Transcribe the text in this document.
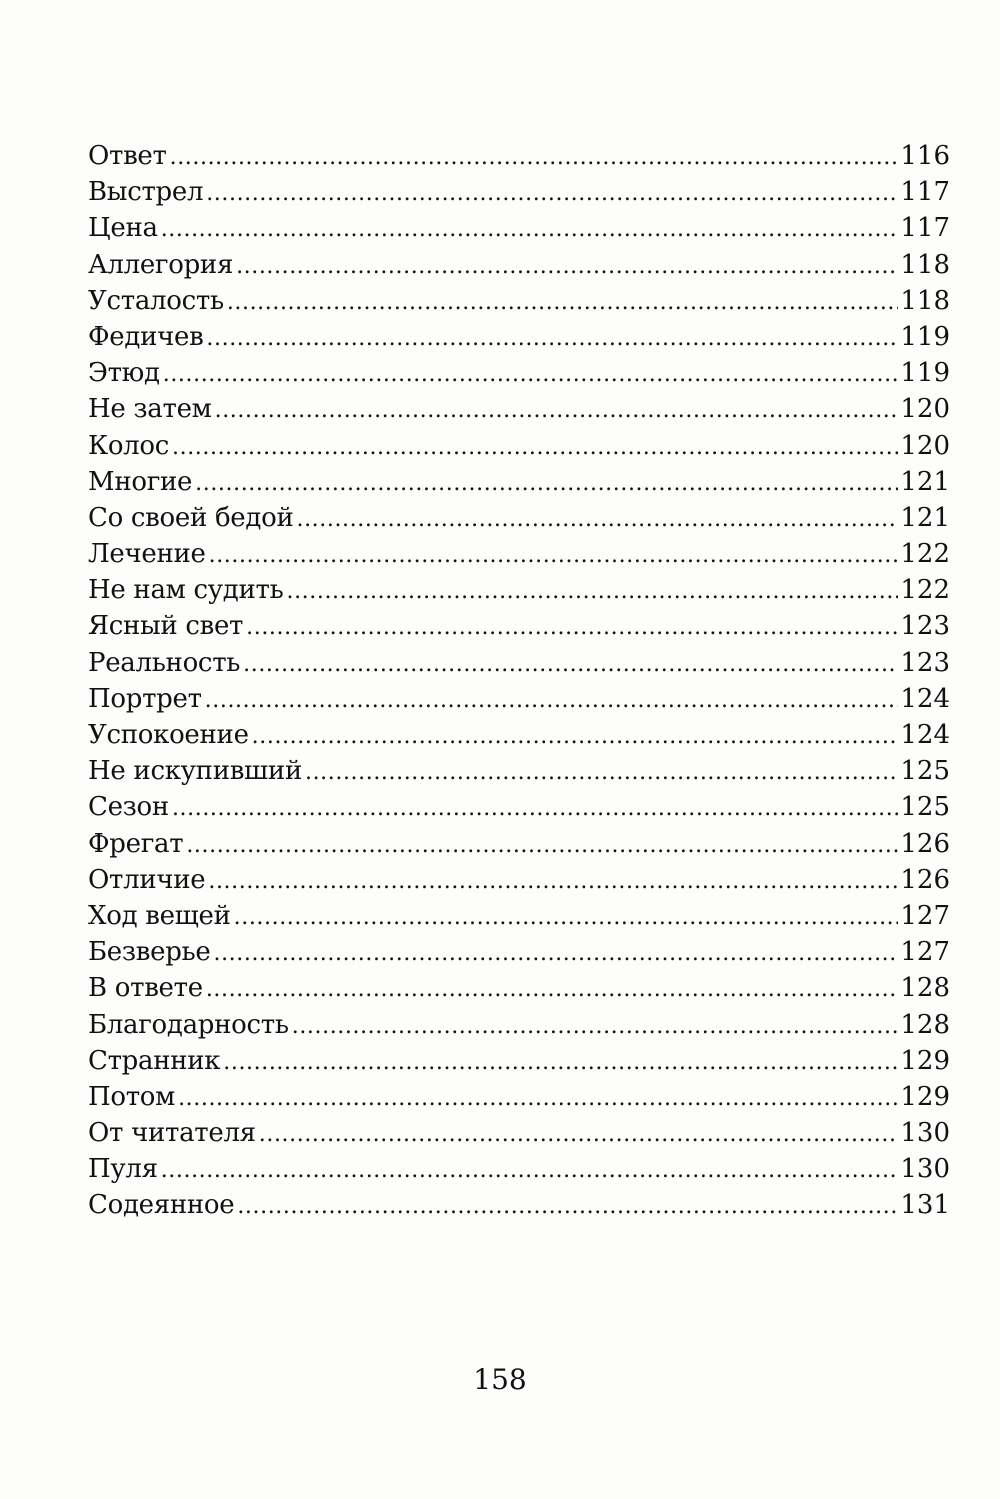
Ответ .....	116
Выстрел .....	117
Цена .....	117
Аллегория .....	118
Усталость .....	118
Федичев .....	119
Этюд .....	119
Не затем .....	120
Колос .....	120
Многие .....	121
Со своей бедой .....	121
Лечение .....	122
Не нам судить .....	122
Ясный свет .....	123
Реальность .....	123
Портрет .....	124
Успокоение .....	124
Не искупивший .....	125
Сезон .....	125
Фрегат .....	126
Отличие .....	126
Ход вещей .....	127
Безверье .....	127
В ответе .....	128
Благодарность .....	128
Странник .....	129
Потом .....	129
От читателя .....	130
Пуля .....	130
Содеянное .....	131
158
